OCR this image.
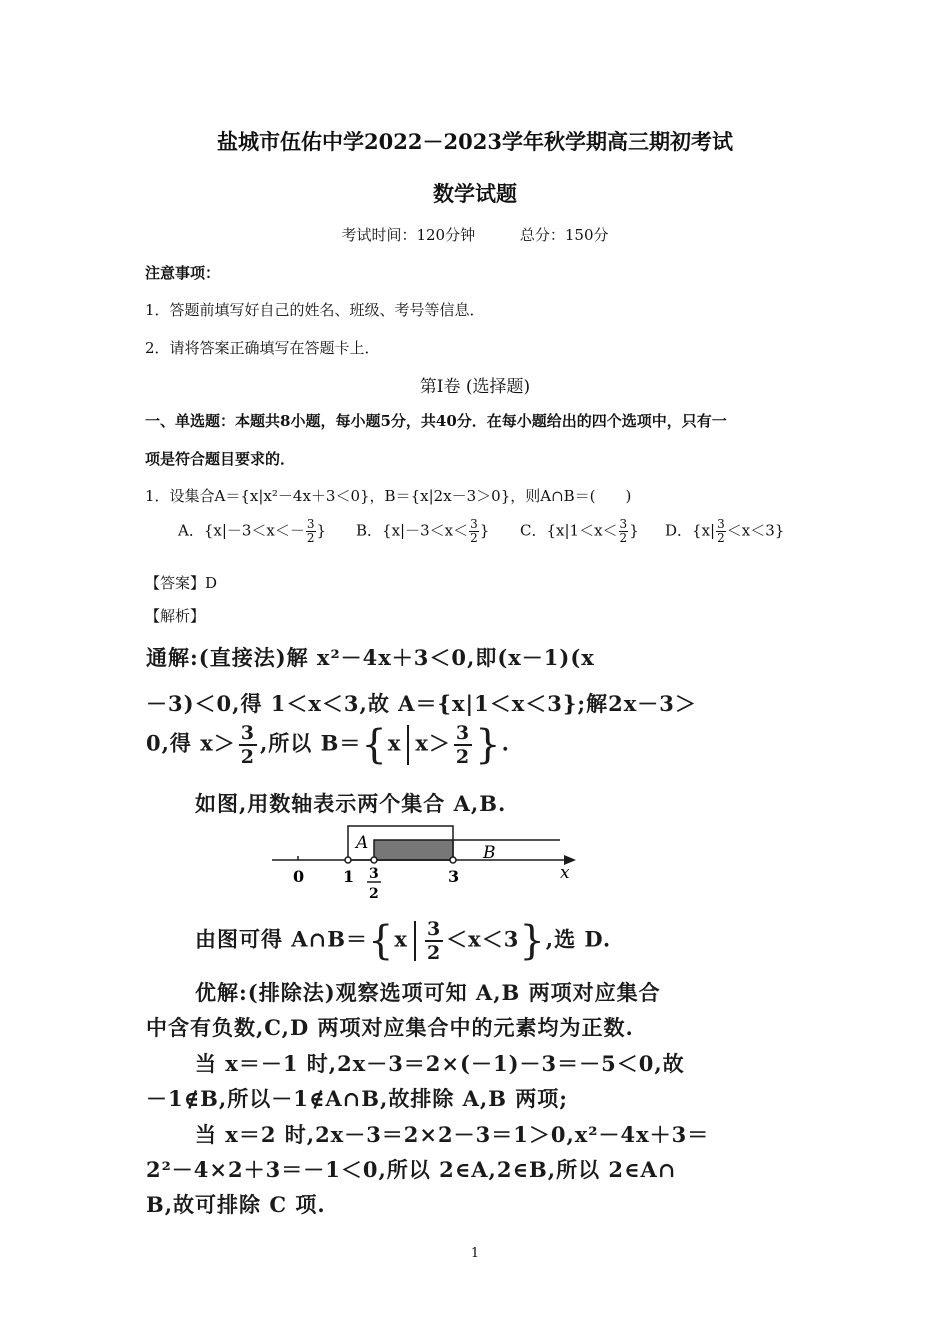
盐城市伍佑中学2022－2023学年秋学期高三期初考试
数学试题
考试时间：120分钟	总分：150分
注意事项：
1．答题前填写好自己的姓名、班级、考号等信息．
2．请将答案正确填写在答题卡上．
第I卷 (选择题)
一、单选题：本题共8小题，每小题5分，共40分．在每小题给出的四个选项中，只有一
项是符合题目要求的．
1．设集合A＝{x|x²－4x＋3＜0}，B＝{x|2x－3＞0}，则A∩B＝(　　)
A．{$x|-3<x<- \frac{3}{2}$ } B．{$x|-3<x< \frac{3}{2}$ } C．{$x|1<x< \frac{3}{2}$ } D．$\{x| \frac{3}{2} <x<3\}$
【答案】D
【解析】
通解:(直接法)解 x²－4x＋3＜0,即(x－1)(x
－3)＜0,得 1＜x＜3,故 A＝{x|1＜x＜3};解2x－3＞
0,得 $x> \frac{3}{2}$ ,所以 B＝{x $x> \frac{3}{2}$ }.
如图,用数轴表示两个集合 A,B.
A	B
x
0 1 3
2
3
由图可得 A∩B＝{x $\frac{3}{2} <x<3$},选 D.
优解:(排除法)观察选项可知 A,B 两项对应集合
中含有负数,C,D 两项对应集合中的元素均为正数.
当 x＝－1 时,2x－3＝2×(－1)－3＝－5＜0,故
－1∉B,所以－1∉A∩B,故排除 A,B 两项;
当 x＝2 时,2x－3＝2×2－3＝1＞0,x²－4x＋3＝
2²－4×2＋3＝－1＜0,所以 2∈A,2∈B,所以 2∈A∩
B,故可排除 C 项.
1
